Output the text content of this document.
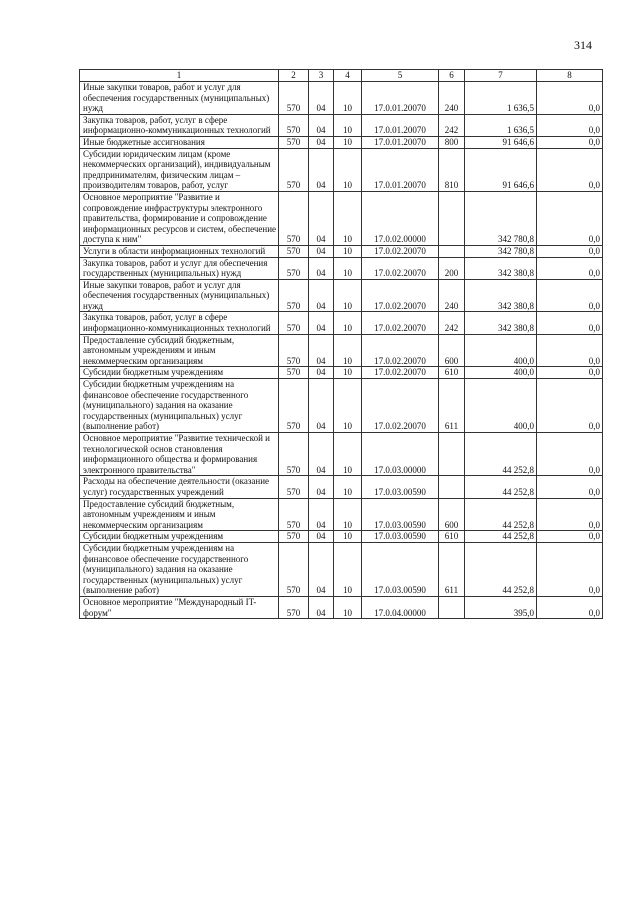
314
1	2	3	4	5	6	7	8
Иные закупки товаров, работ и услуг для обеспечения государственных (муниципальных) нужд	570	04	10	17.0.01.20070	240	1 636,5	0,0
Закупка товаров, работ, услуг в сфере информационно-коммуникационных технологий	570	04	10	17.0.01.20070	242	1 636,5	0,0
Иные бюджетные ассигнования	570	04	10	17.0.01.20070	800	91 646,6	0,0
Субсидии юридическим лицам (кроме некоммерческих организаций), индивидуальным предпринимателям, физическим лицам – производителям товаров, работ, услуг	570	04	10	17.0.01.20070	810	91 646,6	0,0
Основное мероприятие "Развитие и сопровождение инфраструктуры электронного правительства, формирование и сопровождение информационных ресурсов и систем, обеспечение доступа к ним"	570	04	10	17.0.02.00000		342 780,8	0,0
Услуги в области информационных технологий	570	04	10	17.0.02.20070		342 780,8	0,0
Закупка товаров, работ и услуг для обеспечения государственных (муниципальных) нужд	570	04	10	17.0.02.20070	200	342 380,8	0,0
Иные закупки товаров, работ и услуг для обеспечения государственных (муниципальных) нужд	570	04	10	17.0.02.20070	240	342 380,8	0,0
Закупка товаров, работ, услуг в сфере информационно-коммуникационных технологий	570	04	10	17.0.02.20070	242	342 380,8	0,0
Предоставление субсидий бюджетным, автономным учреждениям и иным некоммерческим организациям	570	04	10	17.0.02.20070	600	400,0	0,0
Субсидии бюджетным учреждениям	570	04	10	17.0.02.20070	610	400,0	0,0
Субсидии бюджетным учреждениям на финансовое обеспечение государственного (муниципального) задания на оказание государственных (муниципальных) услуг (выполнение работ)	570	04	10	17.0.02.20070	611	400,0	0,0
Основное мероприятие "Развитие технической и технологической основ становления информационного общества и формирования электронного правительства"	570	04	10	17.0.03.00000		44 252,8	0,0
Расходы на обеспечение деятельности (оказание услуг) государственных учреждений	570	04	10	17.0.03.00590		44 252,8	0,0
Предоставление субсидий бюджетным, автономным учреждениям и иным некоммерческим организациям	570	04	10	17.0.03.00590	600	44 252,8	0,0
Субсидии бюджетным учреждениям	570	04	10	17.0.03.00590	610	44 252,8	0,0
Субсидии бюджетным учреждениям на финансовое обеспечение государственного (муниципального) задания на оказание государственных (муниципальных) услуг (выполнение работ)	570	04	10	17.0.03.00590	611	44 252,8	0,0
Основное мероприятие "Международный IT-форум"	570	04	10	17.0.04.00000		395,0	0,0
